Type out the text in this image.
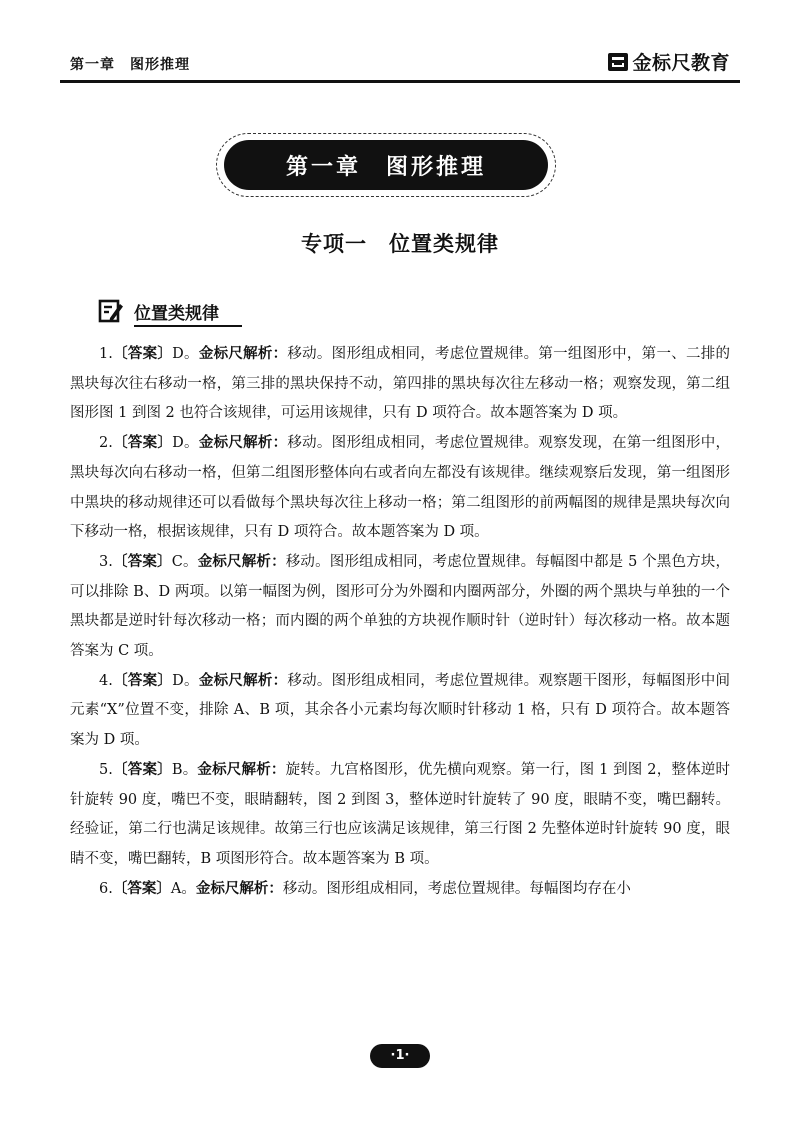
第一章　图形推理	金标尺教育
第一章　图形推理
专项一　位置类规律
位置类规律

1.〔答案〕D。金标尺解析：移动。图形组成相同，考虑位置规律。第一组图形中，第一、二排的黑块每次往右移动一格，第三排的黑块保持不动，第四排的黑块每次往左移动一格；观察发现，第二组图形图 1 到图 2 也符合该规律，可运用该规律，只有 D 项符合。故本题答案为 D 项。

2.〔答案〕D。金标尺解析：移动。图形组成相同，考虑位置规律。观察发现，在第一组图形中，黑块每次向右移动一格，但第二组图形整体向右或者向左都没有该规律。继续观察后发现，第一组图形中黑块的移动规律还可以看做每个黑块每次往上移动一格；第二组图形的前两幅图的规律是黑块每次向下移动一格，根据该规律，只有 D 项符合。故本题答案为 D 项。

3.〔答案〕C。金标尺解析：移动。图形组成相同，考虑位置规律。每幅图中都是 5 个黑色方块，可以排除 B、D 两项。以第一幅图为例，图形可分为外圈和内圈两部分，外圈的两个黑块与单独的一个黑块都是逆时针每次移动一格；而内圈的两个单独的方块视作顺时针（逆时针）每次移动一格。故本题答案为 C 项。

4.〔答案〕D。金标尺解析：移动。图形组成相同，考虑位置规律。观察题干图形，每幅图形中间元素“X”位置不变，排除 A、B 项，其余各小元素均每次顺时针移动 1 格，只有 D 项符合。故本题答案为 D 项。

5.〔答案〕B。金标尺解析：旋转。九宫格图形，优先横向观察。第一行，图 1 到图 2，整体逆时针旋转 90 度，嘴巴不变，眼睛翻转，图 2 到图 3，整体逆时针旋转了 90 度，眼睛不变，嘴巴翻转。经验证，第二行也满足该规律。故第三行也应该满足该规律，第三行图 2 先整体逆时针旋转 90 度，眼睛不变，嘴巴翻转，B 项图形符合。故本题答案为 B 项。

6.〔答案〕A。金标尺解析：移动。图形组成相同，考虑位置规律。每幅图均存在小

·1·
